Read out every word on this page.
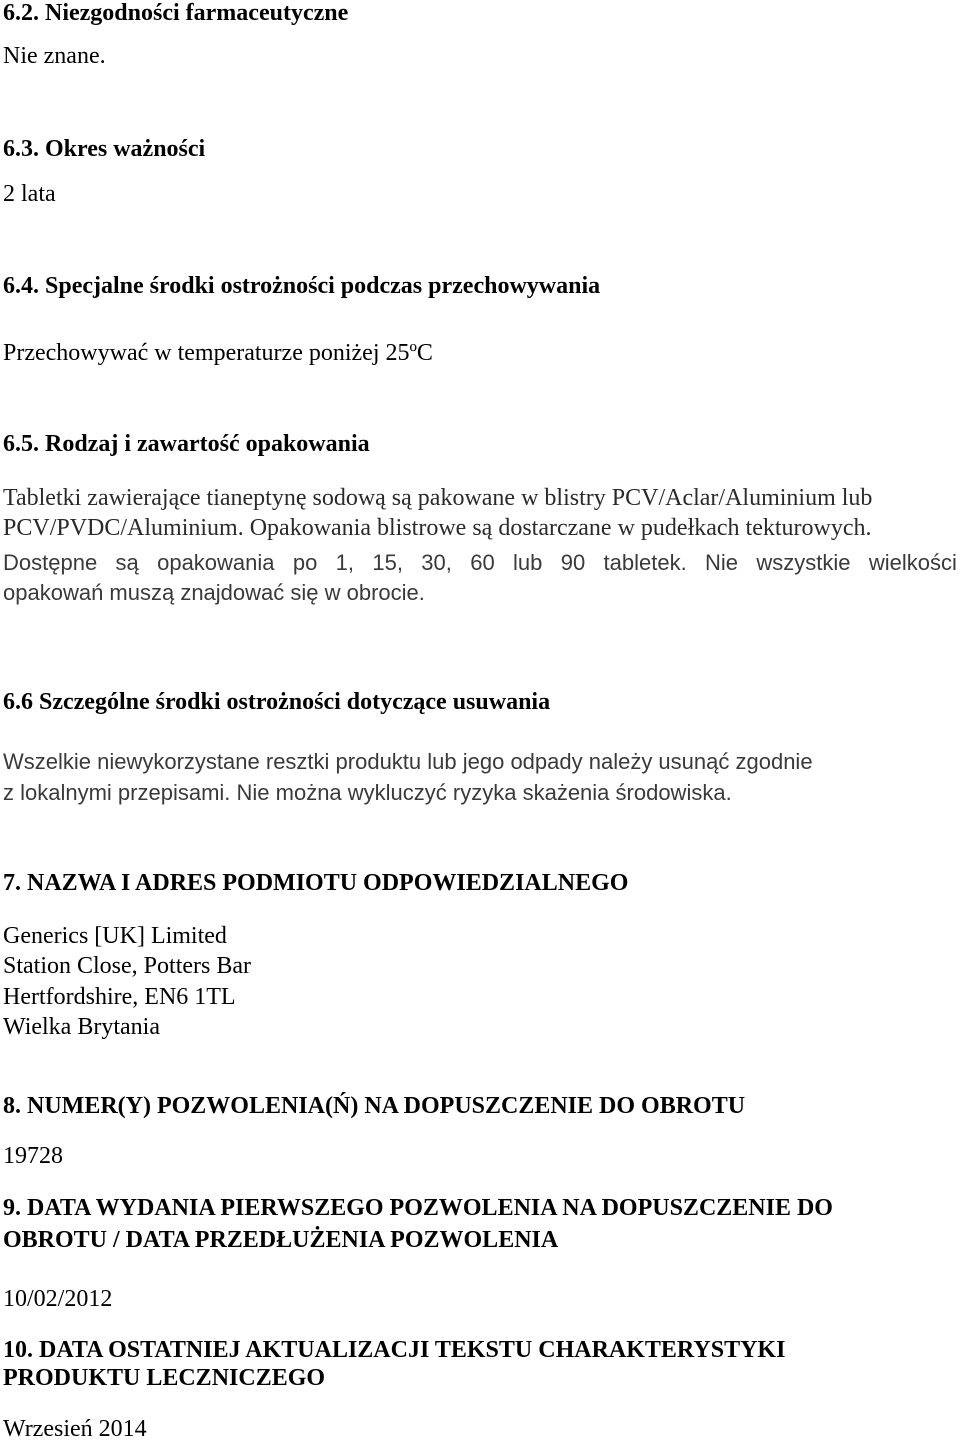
6.2. Niezgodności farmaceutyczne

Nie znane.

6.3. Okres ważności

2 lata

6.4. Specjalne środki ostrożności podczas przechowywania

Przechowywać w temperaturze poniżej 25ºC

6.5. Rodzaj i zawartość opakowania

Tabletki zawierające tianeptynę sodową są pakowane w blistry PCV/Aclar/Aluminium lub

PCV/PVDC/Aluminium. Opakowania blistrowe są dostarczane w pudełkach tekturowych.

Dostępne są opakowania po 1, 15, 30, 60 lub 90 tabletek. Nie wszystkie wielkości

opakowań muszą znajdować się w obrocie.

6.6 Szczególne środki ostrożności dotyczące usuwania

Wszelkie niewykorzystane resztki produktu lub jego odpady należy usunąć zgodnie

z lokalnymi przepisami. Nie można wykluczyć ryzyka skażenia środowiska.

7. NAZWA I ADRES PODMIOTU ODPOWIEDZIALNEGO

Generics [UK] Limited

Station Close, Potters Bar

Hertfordshire, EN6 1TL

Wielka Brytania

8. NUMER(Y) POZWOLENIA(Ń) NA DOPUSZCZENIE DO OBROTU

19728

9. DATA WYDANIA PIERWSZEGO POZWOLENIA NA DOPUSZCZENIE DO
OBROTU / DATA PRZEDŁUŻENIA POZWOLENIA

10/02/2012

10. DATA OSTATNIEJ AKTUALIZACJI TEKSTU CHARAKTERYSTYKI
PRODUKTU LECZNICZEGO

Wrzesień 2014
